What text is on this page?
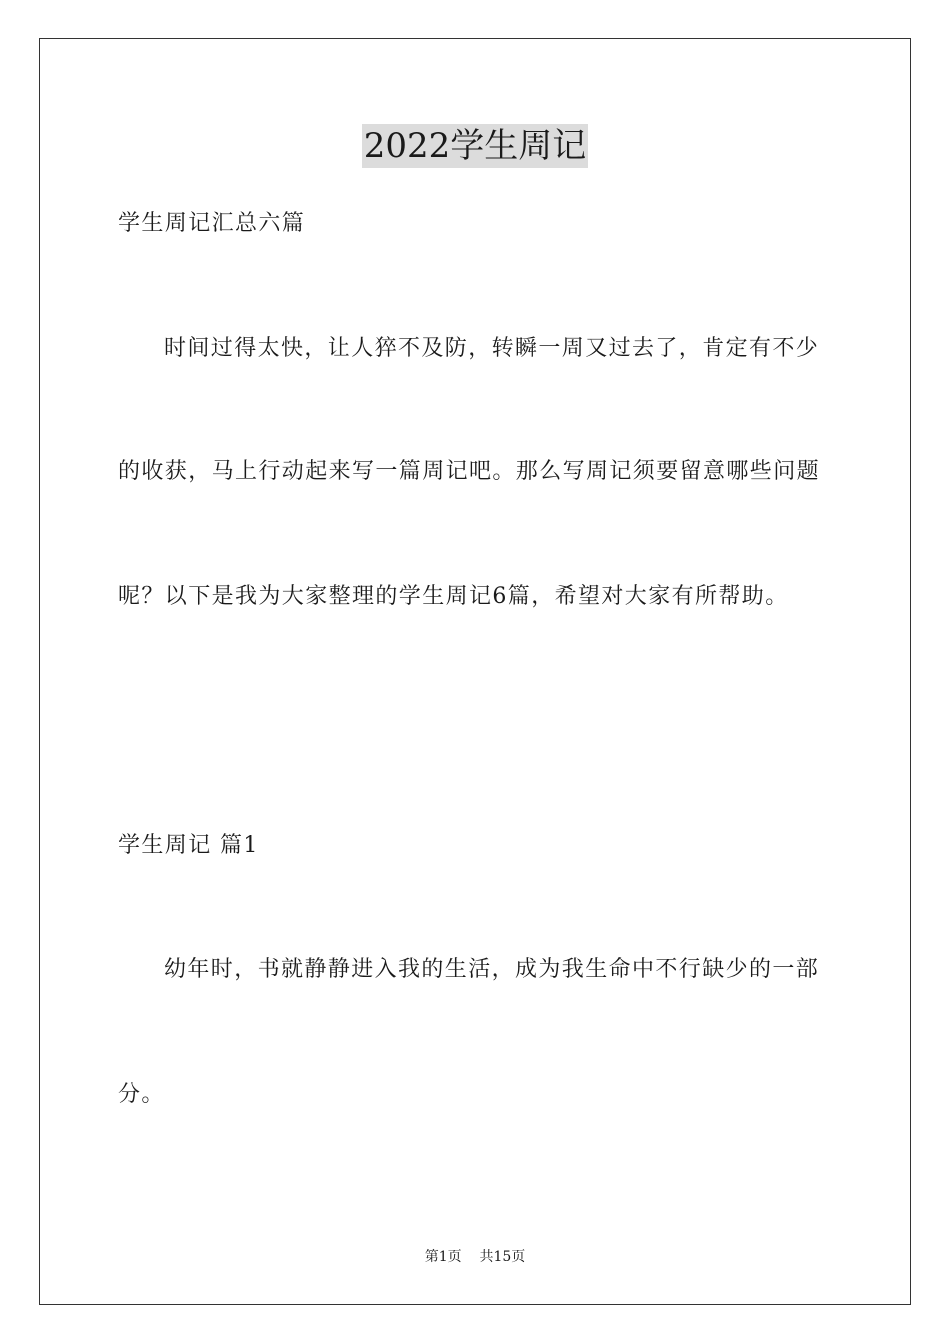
2022学生周记
学生周记汇总六篇
时间过得太快，让人猝不及防，转瞬一周又过去了，肯定有不少
的收获，马上行动起来写一篇周记吧。那么写周记须要留意哪些问题
呢？以下是我为大家整理的学生周记6篇，希望对大家有所帮助。
学生周记 篇1
幼年时，书就静静进入我的生活，成为我生命中不行缺少的一部
分。
第1页 共15页
